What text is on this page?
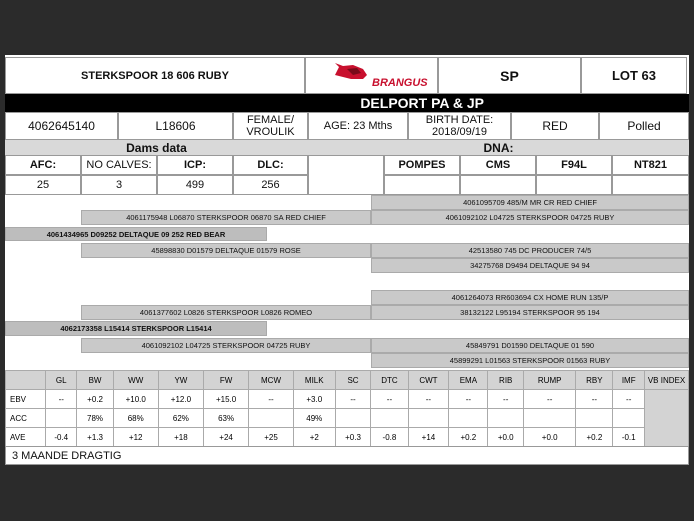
STERKSPOOR 18 606 RUBY
BRANGUS	SP	LOT 63
DELPORT PA & JP
4062645140	L18606	FEMALE/
VROULIK	AGE: 23 Mths	BIRTH DATE:
2018/09/19	RED	Polled
Dams data	DNA:
AFC:	NO CALVES:	ICP:	DLC:
25	3	499	256
POMPES	CMS	F94L	NT821
4061095709 485/M MR CR RED CHIEF
4061175948 L06870 STERKSPOOR 06870 SA RED CHIEF	4061092102 L04725 STERKSPOOR 04725 RUBY
4061434965 D09252 DELTAQUE 09 252 RED BEAR
45898830 D01579 DELTAQUE 01579 ROSE	42513580 745 DC PRODUCER 74/5
34275768 D9494 DELTAQUE 94 94
4061264073 RR603694 CX HOME RUN 135/P
4061377602 L0826 STERKSPOOR L0826 ROMEO	38132122 L95194 STERKSPOOR 95 194
4062173358 L15414 STERKSPOOR L15414
4061092102 L04725 STERKSPOOR 04725 RUBY	45849791 D01590 DELTAQUE 01 590
45899291 L01563 STERKSPOOR 01563 RUBY
	GL	BW	WW	YW	FW	MCW	MILK	SC	DTC	CWT	EMA	RIB	RUMP	RBY	IMF	VB INDEX
EBV	--	+0.2	+10.0	+12.0	+15.0	--	+3.0	--	--	--	--	--	--	--	--	
ACC		78%	68%	62%	63%		49%									
AVE	-0.4	+1.3	+12	+18	+24	+25	+2	+0.3	-0.8	+14	+0.2	+0.0	+0.0	+0.2	-0.1	
3 MAANDE DRAGTIG
